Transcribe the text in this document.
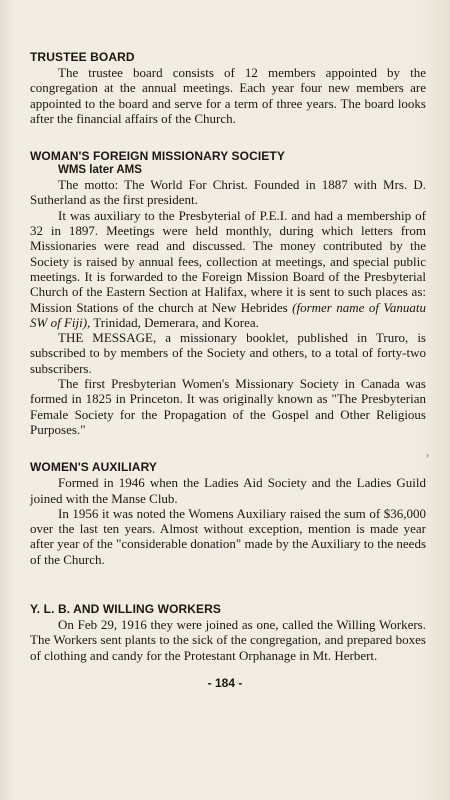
TRUSTEE BOARD

The trustee board consists of 12 members appointed by the congregation at the annual meetings. Each year four new members are appointed to the board and serve for a term of three years. The board looks after the financial affairs of the Church.

WOMAN'S FOREIGN MISSIONARY SOCIETY
WMS later AMS

The motto: The World For Christ. Founded in 1887 with Mrs. D. Sutherland as the first president.

It was auxiliary to the Presbyterial of P.E.I. and had a membership of 32 in 1897. Meetings were held monthly, during which letters from Missionaries were read and discussed. The money contributed by the Society is raised by annual fees, collection at meetings, and special public meetings. It is forwarded to the Foreign Mission Board of the Presbyterial Church of the Eastern Section at Halifax, where it is sent to such places as: Mission Stations of the church at New Hebrides (former name of Vanuatu SW of Fiji), Trinidad, Demerara, and Korea.

THE MESSAGE, a missionary booklet, published in Truro, is subscribed to by members of the Society and others, to a total of forty-two subscribers.

The first Presbyterian Women's Missionary Society in Canada was formed in 1825 in Princeton. It was originally known as "The Presbyterian Female Society for the Propagation of the Gospel and Other Religious Purposes."

WOMEN'S AUXILIARY

Formed in 1946 when the Ladies Aid Society and the Ladies Guild joined with the Manse Club.

In 1956 it was noted the Womens Auxiliary raised the sum of $36,000 over the last ten years. Almost without exception, mention is made year after year of the "considerable donation" made by the Auxiliary to the needs of the Church.

Y. L. B. AND WILLING WORKERS

On Feb 29, 1916 they were joined as one, called the Willing Workers. The Workers sent plants to the sick of the congregation, and prepared boxes of clothing and candy for the Protestant Orphanage in Mt. Herbert.

›
- 184 -
